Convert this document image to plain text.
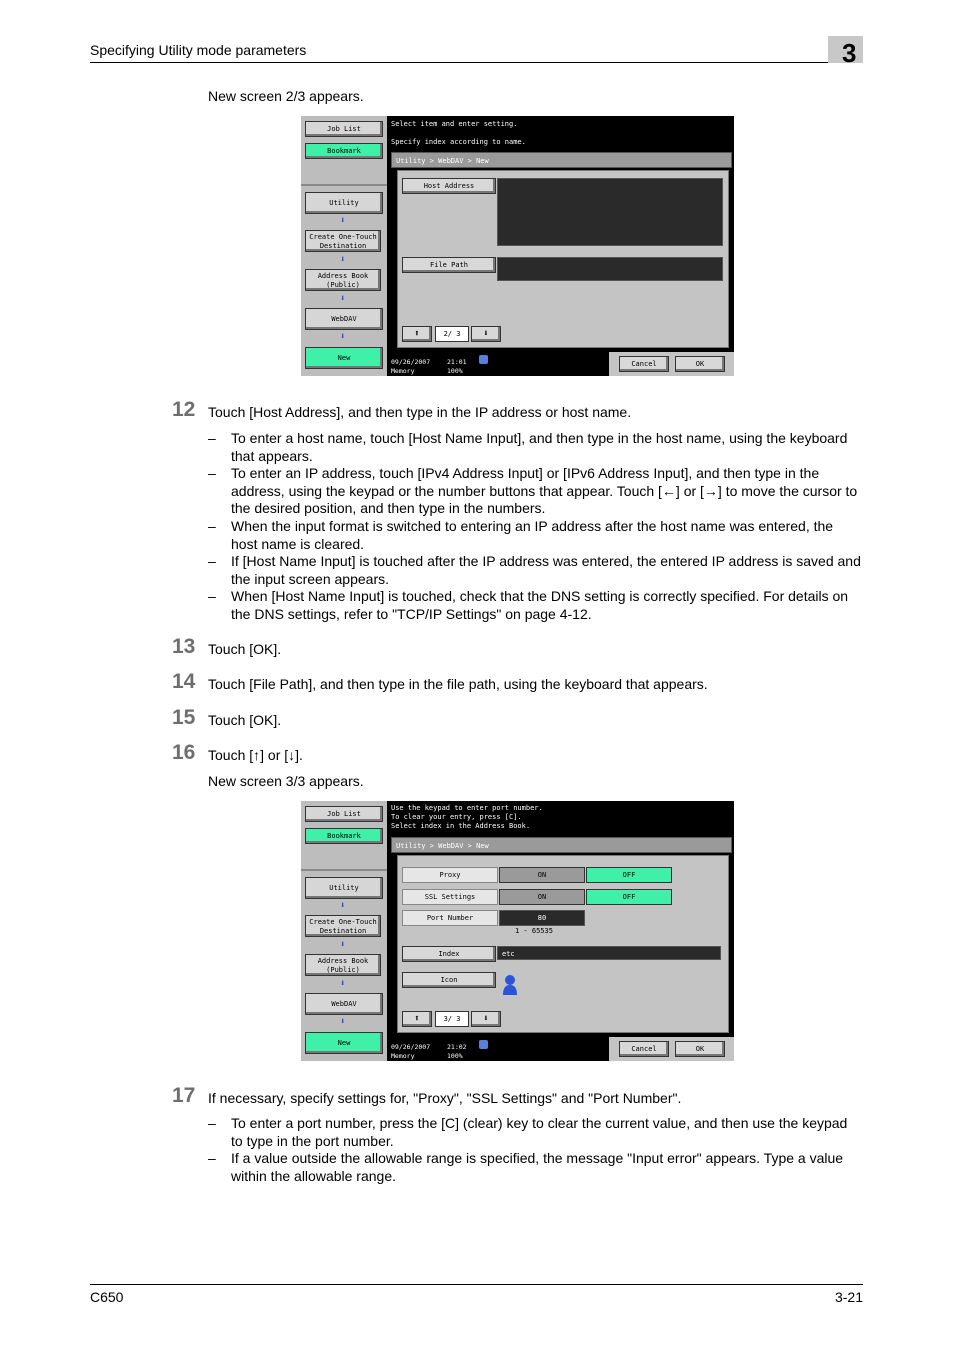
Specifying Utility mode parameters	3
New screen 2/3 appears.
Job List
Bookmark
Utility
⬇
Create One-Touch Destination
⬇
Address Book (Public)
⬇
WebDAV
⬇
New
Select item and enter setting.
Specify index according to name.
Utility > WebDAV > New
Host Address
File Path
⬆	2/ 3	⬇
09/26/2007	21:01
Memory	100%
Cancel	OK
12 Touch [Host Address], and then type in the IP address or host name.
– To enter a host name, touch [Host Name Input], and then type in the host name, using the keyboard that appears.
– To enter an IP address, touch [IPv4 Address Input] or [IPv6 Address Input], and then type in the address, using the keypad or the number buttons that appear. Touch [←] or [→] to move the cursor to the desired position, and then type in the numbers.
– When the input format is switched to entering an IP address after the host name was entered, the host name is cleared.
– If [Host Name Input] is touched after the IP address was entered, the entered IP address is saved and the input screen appears.
– When [Host Name Input] is touched, check that the DNS setting is correctly specified. For details on the DNS settings, refer to "TCP/IP Settings" on page 4-12.
13 Touch [OK].
14 Touch [File Path], and then type in the file path, using the keyboard that appears.
15 Touch [OK].
16 Touch [↑] or [↓].
New screen 3/3 appears.
Job List
Bookmark
Utility
⬇
Create One-Touch Destination
⬇
Address Book (Public)
⬇
WebDAV
⬇
New
Use the keypad to enter port number.
To clear your entry, press [C].
Select index in the Address Book.
Utility > WebDAV > New
Proxy	ON	OFF
SSL Settings	ON	OFF
Port Number	80
1 - 65535
Index	etc
Icon
⬆	3/ 3	⬇
09/26/2007	21:02
Memory	100%
Cancel	OK
17 If necessary, specify settings for, "Proxy", "SSL Settings" and "Port Number".
– To enter a port number, press the [C] (clear) key to clear the current value, and then use the keypad to type in the port number.
– If a value outside the allowable range is specified, the message "Input error" appears. Type a value within the allowable range.
C650	3-21
